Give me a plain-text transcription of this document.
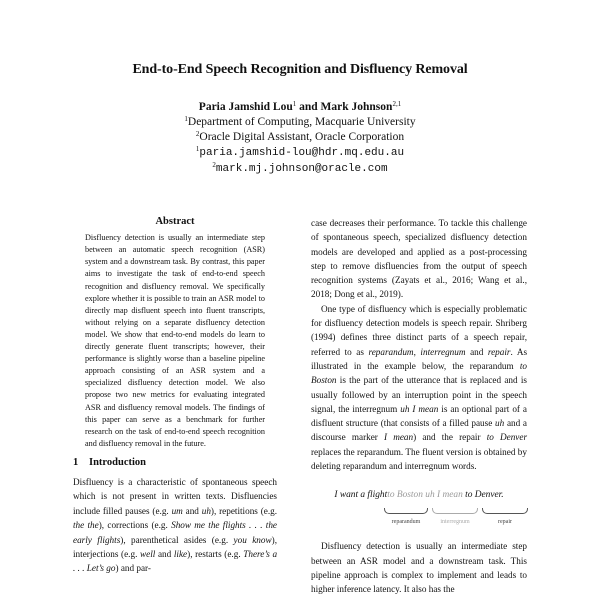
End-to-End Speech Recognition and Disfluency Removal
Paria Jamshid Lou$^1$ and Mark Johnson$^{2,1}$
$^1$Department of Computing, Macquarie University
$^2$Oracle Digital Assistant, Oracle Corporation
$^1$paria.jamshid-lou@hdr.mq.edu.au
$^2$mark.mj.johnson@oracle.com
Abstract
Disfluency detection is usually an intermediate step between an automatic speech recognition (ASR) system and a downstream task. By contrast, this paper aims to investigate the task of end-to-end speech recognition and disfluency removal. We specifically explore whether it is possible to train an ASR model to directly map disfluent speech into fluent transcripts, without relying on a separate disfluency detection model. We show that end-to-end models do learn to directly generate fluent transcripts; however, their performance is slightly worse than a baseline pipeline approach consisting of an ASR system and a specialized disfluency detection model. We also propose two new metrics for evaluating integrated ASR and disfluency removal models. The findings of this paper can serve as a benchmark for further research on the task of end-to-end speech recognition and disfluency removal in the future.
1 Introduction
Disfluency is a characteristic of spontaneous speech which is not present in written texts. Disfluencies include filled pauses (e.g. um and uh), repetitions (e.g. the the), corrections (e.g. Show me the flights . . . the early flights), parenthetical asides (e.g. you know), interjections (e.g. well and like), restarts (e.g. There’s a . . . Let’s go) and par-

case decreases their performance. To tackle this challenge of spontaneous speech, specialized disfluency detection models are developed and applied as a post-processing step to remove disfluencies from the output of speech recognition systems (Zayats et al., 2016; Wang et al., 2018; Dong et al., 2019).

One type of disfluency which is especially problematic for disfluency detection models is speech repair. Shriberg (1994) defines three distinct parts of a speech repair, referred to as reparandum, interregnum and repair. As illustrated in the example below, the reparandum to Boston is the part of the utterance that is replaced and is usually followed by an interruption point in the speech signal, the interregnum uh I mean is an optional part of a disfluent structure (that consists of a filled pause uh and a discourse marker I mean) and the repair to Denver replaces the reparandum. The fluent version is obtained by deleting reparandum and interregnum words.

I want a flightto Boston uh I mean to Denver.
reparandum	interregnum	repair

Disfluency detection is usually an intermediate step between an ASR model and a downstream task. This pipeline approach is complex to implement and leads to higher inference latency. It also has the
